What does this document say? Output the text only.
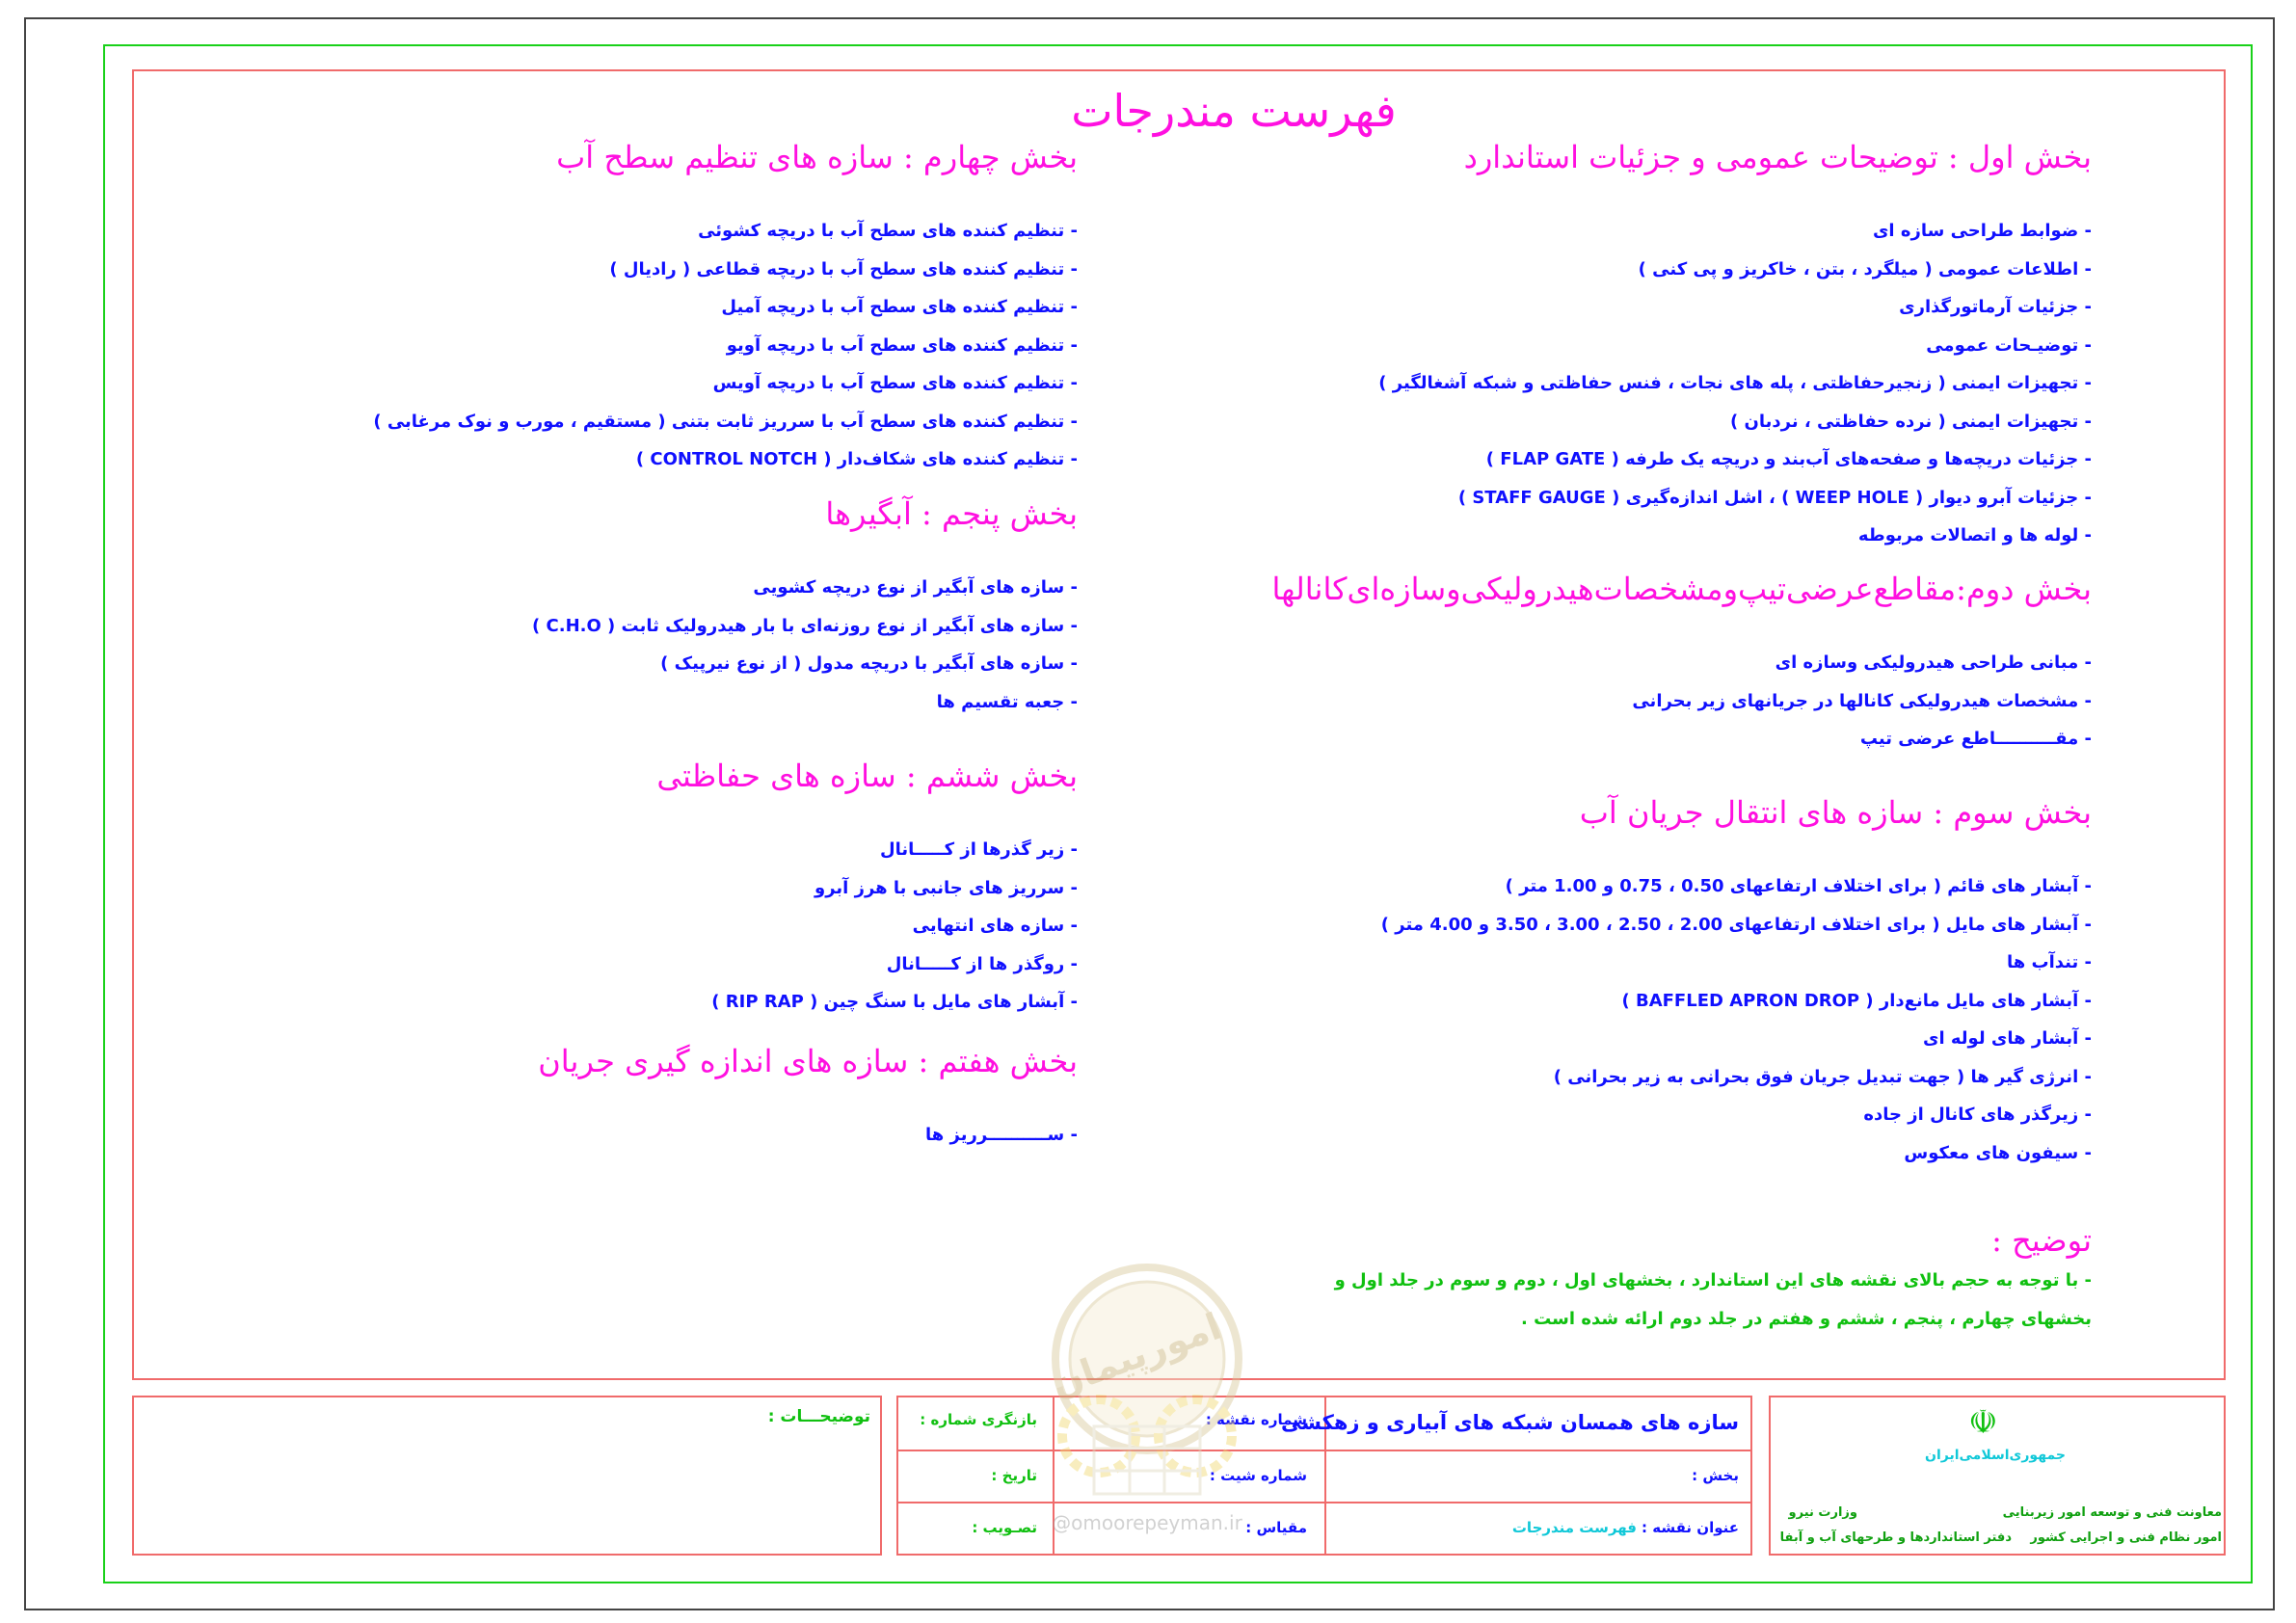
فهرست مندرجات
بخش اول : توضیحات عمومی و جزئیات استاندارد
- ضوابط طراحی سازه ای
- اطلاعات عمومی ( میلگرد ، بتن ، خاکریز و پی کنی )
- جزئیات آرماتورگذاری
- توضیـحات عمومی
- تجهیزات ایمنی ( زنجیرحفاظتی ، پله های نجات ، فنس حفاظتی و شبکه آشغالگیر )
- تجهیزات ایمنی ( نرده حفاظتی ، نردبان )
- جزئیات دریچه‌ها و صفحه‌های آب‌بند و دریچه یک طرفه ( FLAP GATE )
- جزئیات آبرو دیوار ( WEEP HOLE ) ، اشل اندازه‌گیری ( STAFF GAUGE )
- لوله ها و اتصالات مربوطه
بخش دوم:مقاطع‌عرضی‌تیپ‌ومشخصات‌هیدرولیکی‌وسازه‌ای‌کانالها
- مبانی طراحی هیدرولیکی وسازه ای
- مشخصات هیدرولیکی کانالها در جریانهای زیر بحرانی
- مقــــــــــاطع عرضی تیپ
بخش سوم : سازه های انتقال جریان آب
- آبشار های قائم ( برای اختلاف ارتفاعهای 0.50 ، 0.75 و 1.00 متر )
- آبشار های مایل ( برای اختلاف ارتفاعهای 2.00 ، 2.50 ، 3.00 ، 3.50 و 4.00 متر )
- تندآب ها
- آبشار های مایل مانع‌دار ( BAFFLED APRON DROP )
- آبشار های لوله ای
- انرژی گیر ها ( جهت تبدیل جریان فوق بحرانی به زیر بحرانی )
- زیرگذر های کانال از جاده
- سیفون های معکوس
توضیح :
- با توجه به حجم بالای نقشه های این استاندارد ، بخشهای اول ، دوم و سوم در جلد اول و
بخشهای چهارم ، پنجم ، ششم و هفتم در جلد دوم ارائه شده است .
بخش چهارم : سازه های تنظیم سطح آب
- تنظیم کننده های سطح آب با دریچه کشوئی
- تنظیم کننده های سطح آب با دریچه قطاعی ( رادیال )
- تنظیم کننده های سطح آب با دریچه آمیل
- تنظیم کننده های سطح آب با دریچه آویو
- تنظیم کننده های سطح آب با دریچه آویس
- تنظیم کننده های سطح آب با سرریز ثابت بتنی ( مستقیم ، مورب و نوک مرغابی )
- تنظیم کننده های شکاف‌دار ( CONTROL NOTCH )
بخش پنجم : آبگیرها
- سازه های آبگیر از نوع دریچه کشویی
- سازه های آبگیر از نوع روزنه‌ای با بار هیدرولیک ثابت ( C.H.O )
- سازه های آبگیر با دریچه مدول ( از نوع نیرپیک )
- جعبه تقسیم ها
بخش ششم : سازه های حفاظتی
- زیر گذرها از کـــــانال
- سرریز های جانبی با هرز آبرو
- سازه های انتهایی
- روگذر ها از کـــــانال
- آبشار های مایل با سنگ چین ( RIP RAP )
بخش هفتم : سازه های اندازه گیری جریان
- ســــــــــرریز ها
☫
جمهوری‌اسلامی‌ایران
معاونت فنی و توسعه امور زیربنایی
امور نظام فنی و اجرایی کشور
وزارت نیرو
دفتر استانداردها و طرحهای آب و آبفا
سازه های همسان شبکه های آبیاری و زهکشی
بخش :
عنوان نقشه :
فهرست مندرجات
شماره نقشه :
شماره شیت :
مقیاس :
بازنگری شماره :
تاریخ :
تصـویب :
توضیحـــات :
امورپیمان
@omoorepeyman.ir
